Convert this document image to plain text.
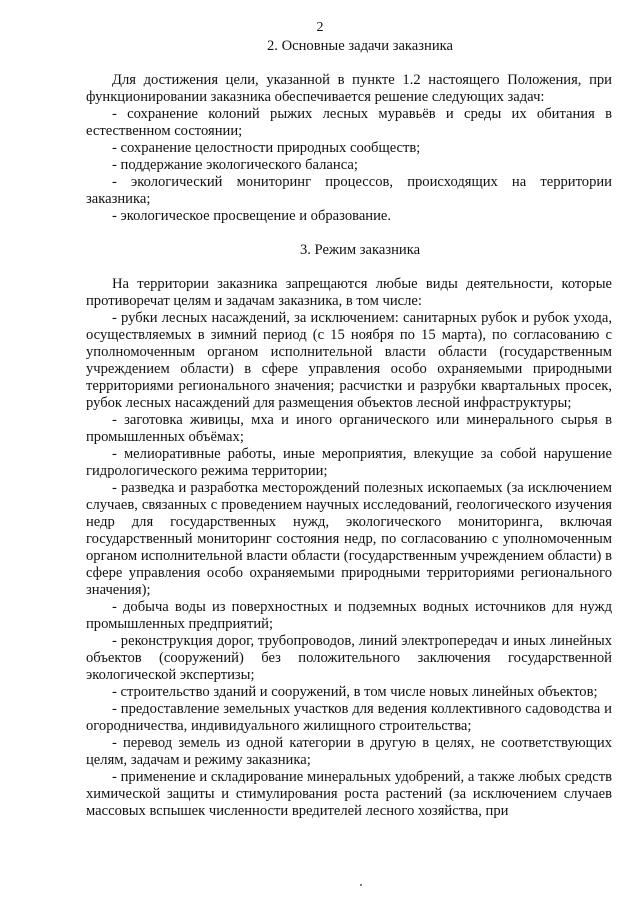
2
2. Основные задачи заказника

Для достижения цели, указанной в пункте 1.2 настоящего Положения, при функционировании заказника обеспечивается решение следующих задач:

- сохранение колоний рыжих лесных муравьёв и среды их обитания в естественном состоянии;

- сохранение целостности природных сообществ;

- поддержание экологического баланса;

- экологический мониторинг процессов, происходящих на территории заказника;

- экологическое просвещение и образование.

3. Режим заказника

На территории заказника запрещаются любые виды деятельности, которые противоречат целям и задачам заказника, в том числе:

- рубки лесных насаждений, за исключением: санитарных рубок и рубок ухода, осуществляемых в зимний период (с 15 ноября по 15 марта), по согласованию с уполномоченным органом исполнительной власти области (государственным учреждением области) в сфере управления особо охраняемыми природными территориями регионального значения; расчистки и разрубки квартальных просек, рубок лесных насаждений для размещения объектов лесной инфраструктуры;

- заготовка живицы, мха и иного органического или минерального сырья в промышленных объёмах;

- мелиоративные работы, иные мероприятия, влекущие за собой нарушение гидрологического режима территории;

- разведка и разработка месторождений полезных ископаемых (за исключением случаев, связанных с проведением научных исследований, геологического изучения недр для государственных нужд, экологического мониторинга, включая государственный мониторинг состояния недр, по согласованию с уполномоченным органом исполнительной власти области (государственным учреждением области) в сфере управления особо охраняемыми природными территориями регионального значения);

- добыча воды из поверхностных и подземных водных источников для нужд промышленных предприятий;

- реконструкция дорог, трубопроводов, линий электропередач и иных линейных объектов (сооружений) без положительного заключения государственной экологической экспертизы;

- строительство зданий и сооружений, в том числе новых линейных объектов;

- предоставление земельных участков для ведения коллективного садоводства и огородничества, индивидуального жилищного строительства;

- перевод земель из одной категории в другую в целях, не соответствующих целям, задачам и режиму заказника;

- применение и складирование минеральных удобрений, а также любых средств химической защиты и стимулирования роста растений (за исключением случаев массовых вспышек численности вредителей лесного хозяйства, при
